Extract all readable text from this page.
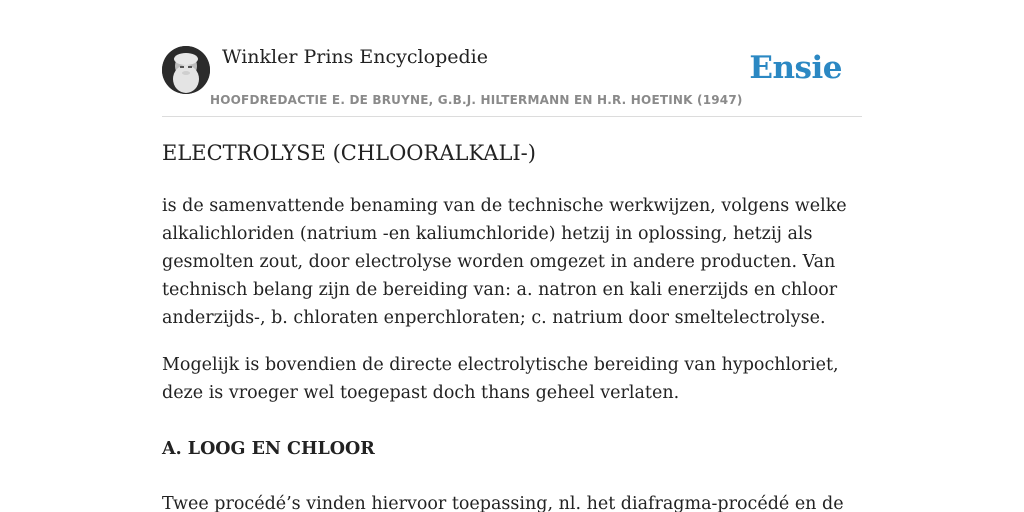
Winkler Prins Encyclopedie
HOOFDREDACTIE E. DE BRUYNE, G.B.J. HILTERMANN EN H.R. HOETINK (1947)
Ensie
ELECTROLYSE (CHLOORALKALI-)

is de samenvattende benaming van de technische werkwijzen, volgens welke alkalichloriden (natrium -en kaliumchloride) hetzij in oplossing, hetzij als gesmolten zout, door electrolyse worden omgezet in andere producten. Van technisch belang zijn de bereiding van: a. natron en kali enerzijds en chloor anderzijds-, b. chloraten enperchloraten; c. natrium door smeltelectrolyse.

Mogelijk is bovendien de directe electrolytische bereiding van hypochloriet, deze is vroeger wel toegepast doch thans geheel verlaten.

A. LOOG EN CHLOOR

Twee procédé’s vinden hiervoor toepassing, nl. het diafragma-procédé en de
